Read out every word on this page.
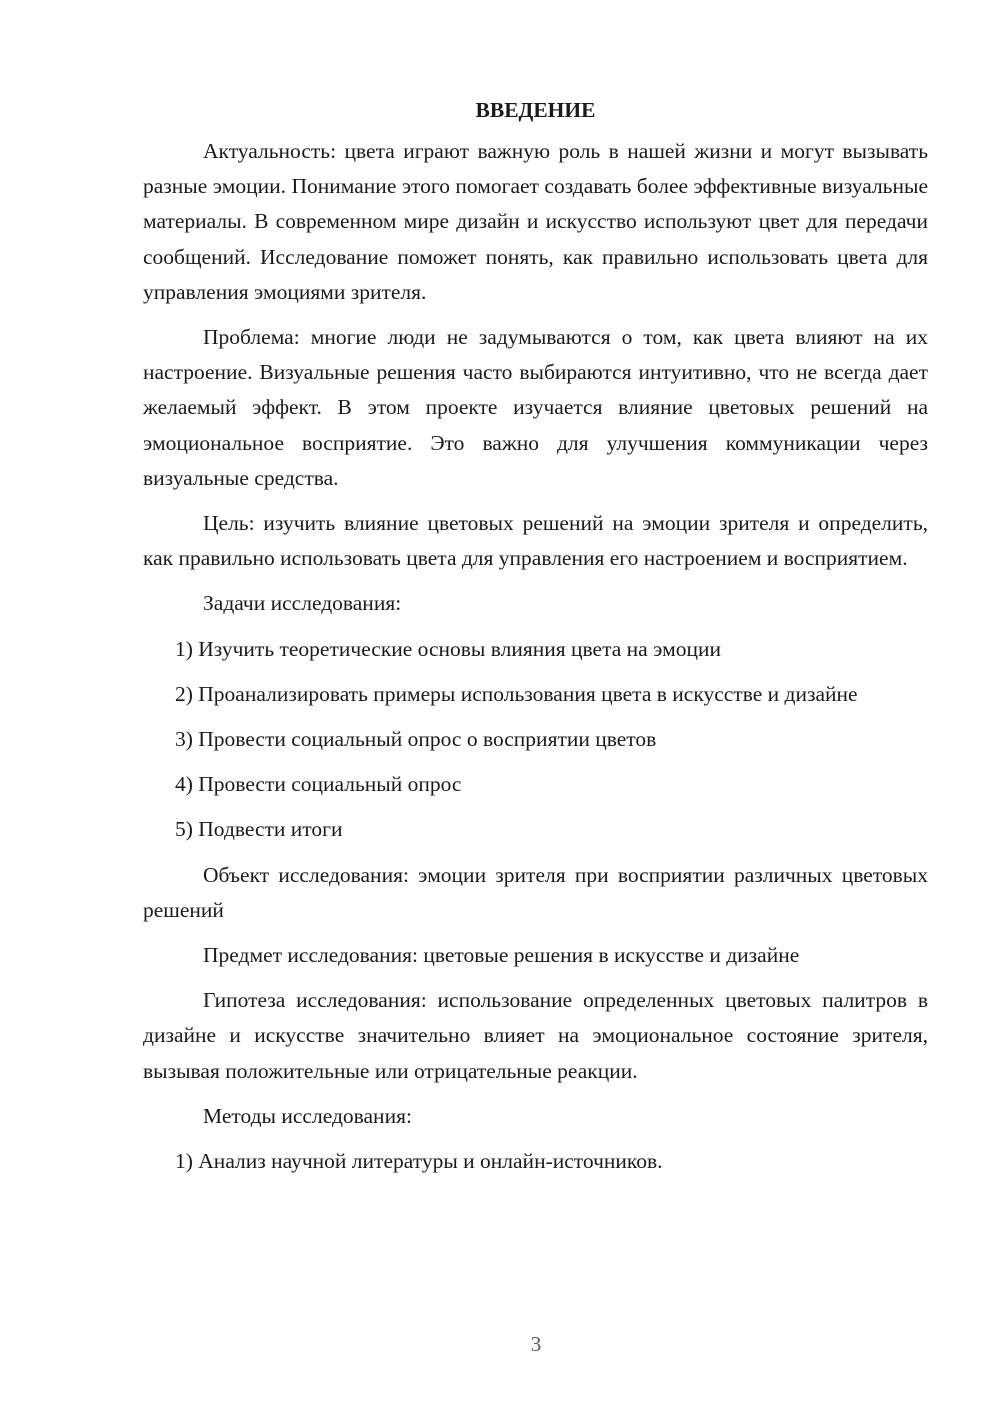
ВВЕДЕНИЕ

Актуальность: цвета играют важную роль в нашей жизни и могут вызывать разные эмоции. Понимание этого помогает создавать более эффективные визуальные материалы. В современном мире дизайн и искусство используют цвет для передачи сообщений. Исследование поможет понять, как правильно использовать цвета для управления эмоциями зрителя.

Проблема: многие люди не задумываются о том, как цвета влияют на их настроение. Визуальные решения часто выбираются интуитивно, что не всегда дает желаемый эффект. В этом проекте изучается влияние цветовых решений на эмоциональное восприятие. Это важно для улучшения коммуникации через визуальные средства.

Цель: изучить влияние цветовых решений на эмоции зрителя и определить, как правильно использовать цвета для управления его настроением и восприятием.

Задачи исследования:

1) Изучить теоретические основы влияния цвета на эмоции

2) Проанализировать примеры использования цвета в искусстве и дизайне

3) Провести социальный опрос о восприятии цветов

4) Провести социальный опрос

5) Подвести итоги

Объект исследования: эмоции зрителя при восприятии различных цветовых решений

Предмет исследования: цветовые решения в искусстве и дизайне

Гипотеза исследования: использование определенных цветовых палитров в дизайне и искусстве значительно влияет на эмоциональное состояние зрителя, вызывая положительные или отрицательные реакции.

Методы исследования:

1) Анализ научной литературы и онлайн-источников.

3
